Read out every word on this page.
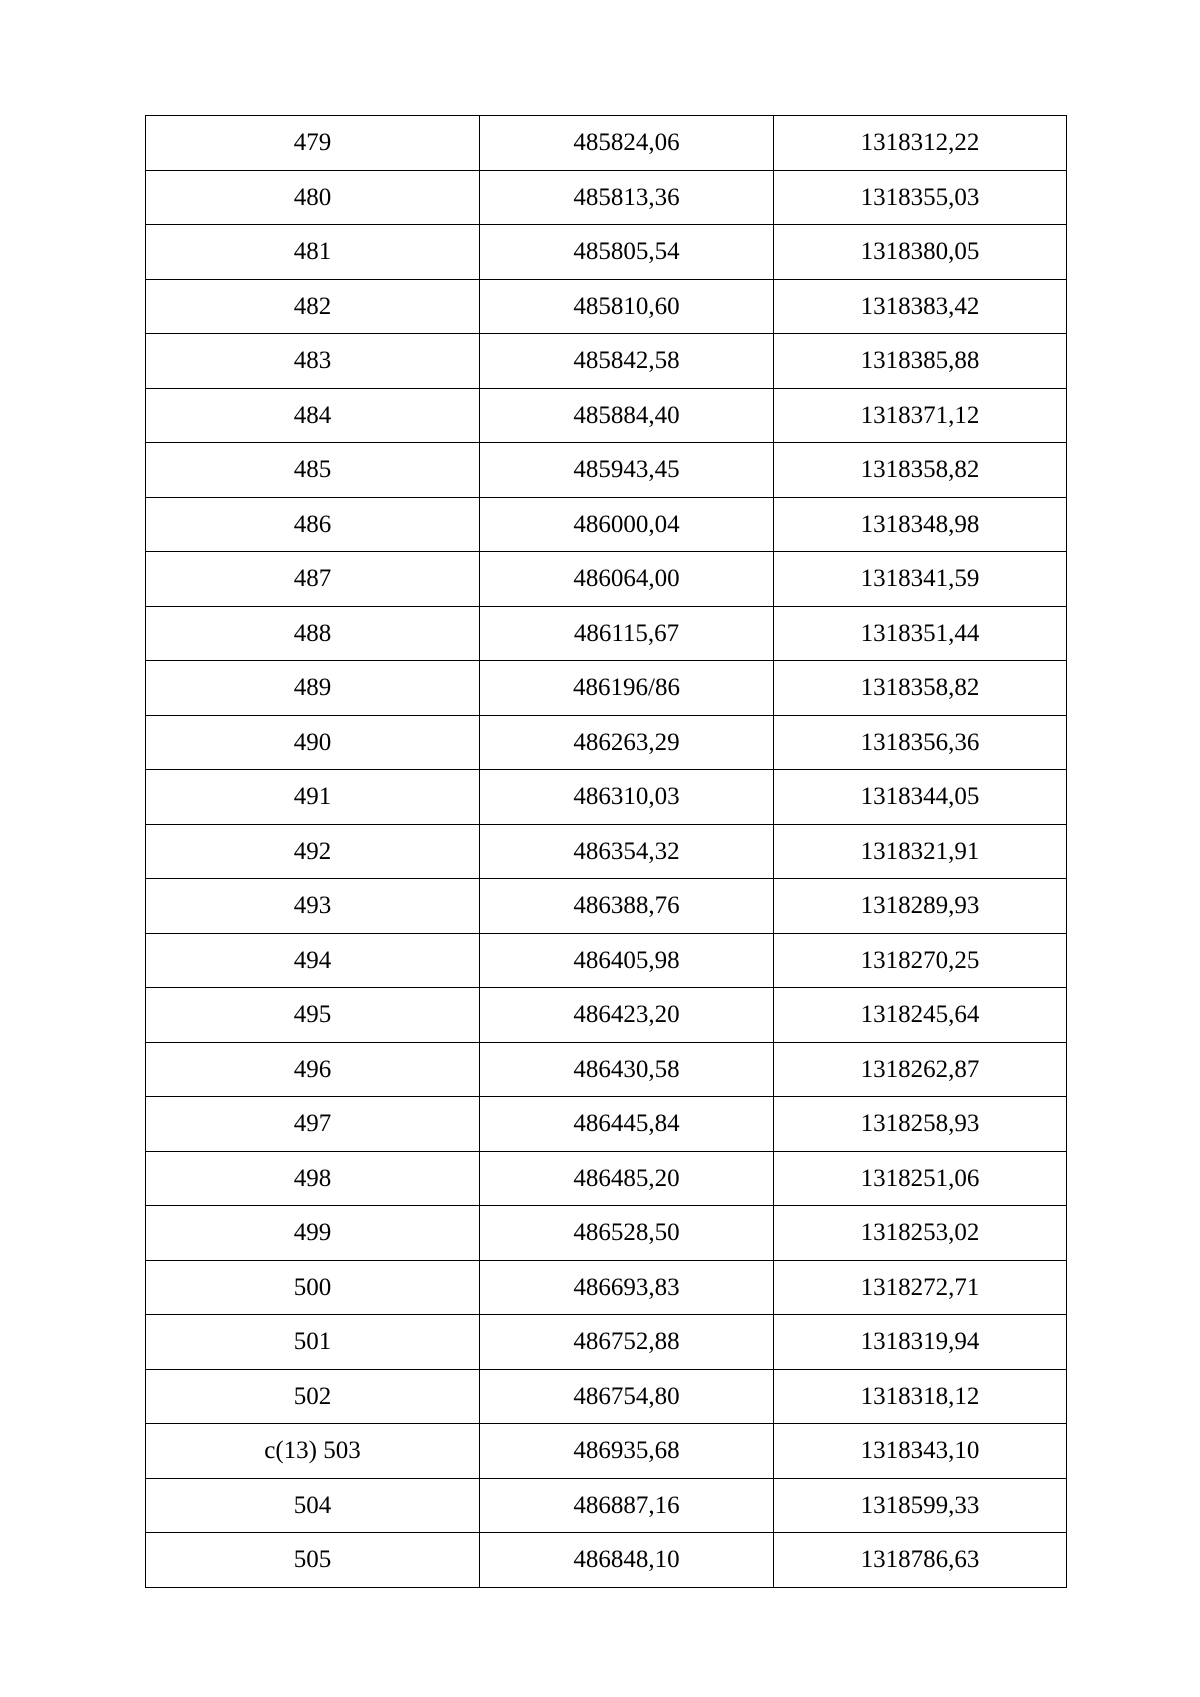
479	485824,06	1318312,22
480	485813,36	1318355,03
481	485805,54	1318380,05
482	485810,60	1318383,42
483	485842,58	1318385,88
484	485884,40	1318371,12
485	485943,45	1318358,82
486	486000,04	1318348,98
487	486064,00	1318341,59
488	486115,67	1318351,44
489	486196/86	1318358,82
490	486263,29	1318356,36
491	486310,03	1318344,05
492	486354,32	1318321,91
493	486388,76	1318289,93
494	486405,98	1318270,25
495	486423,20	1318245,64
496	486430,58	1318262,87
497	486445,84	1318258,93
498	486485,20	1318251,06
499	486528,50	1318253,02
500	486693,83	1318272,71
501	486752,88	1318319,94
502	486754,80	1318318,12
c(13) 503	486935,68	1318343,10
504	486887,16	1318599,33
505	486848,10	1318786,63
